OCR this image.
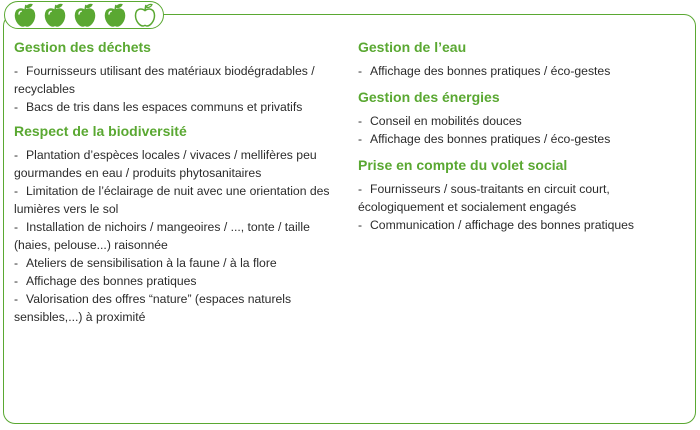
Gestion des déchets
- Fournisseurs utilisant des matériaux biodégradables / recyclables
- Bacs de tris dans les espaces communs et privatifs
Respect de la biodiversité
- Plantation d’espèces locales / vivaces / mellifères peu gourmandes en eau / produits phytosanitaires
- Limitation de l’éclairage de nuit avec une orientation des lumières vers le sol
- Installation de nichoirs / mangeoires / ..., tonte / taille (haies, pelouse...) raisonnée
- Ateliers de sensibilisation à la faune / à la flore
- Affichage des bonnes pratiques
- Valorisation des offres “nature” (espaces naturels sensibles,...) à proximité
Gestion de l’eau
- Affichage des bonnes pratiques / éco-gestes
Gestion des énergies
- Conseil en mobilités douces
- Affichage des bonnes pratiques / éco-gestes
Prise en compte du volet social
- Fournisseurs / sous-traitants en circuit court, écologiquement et socialement engagés
- Communication / affichage des bonnes pratiques
